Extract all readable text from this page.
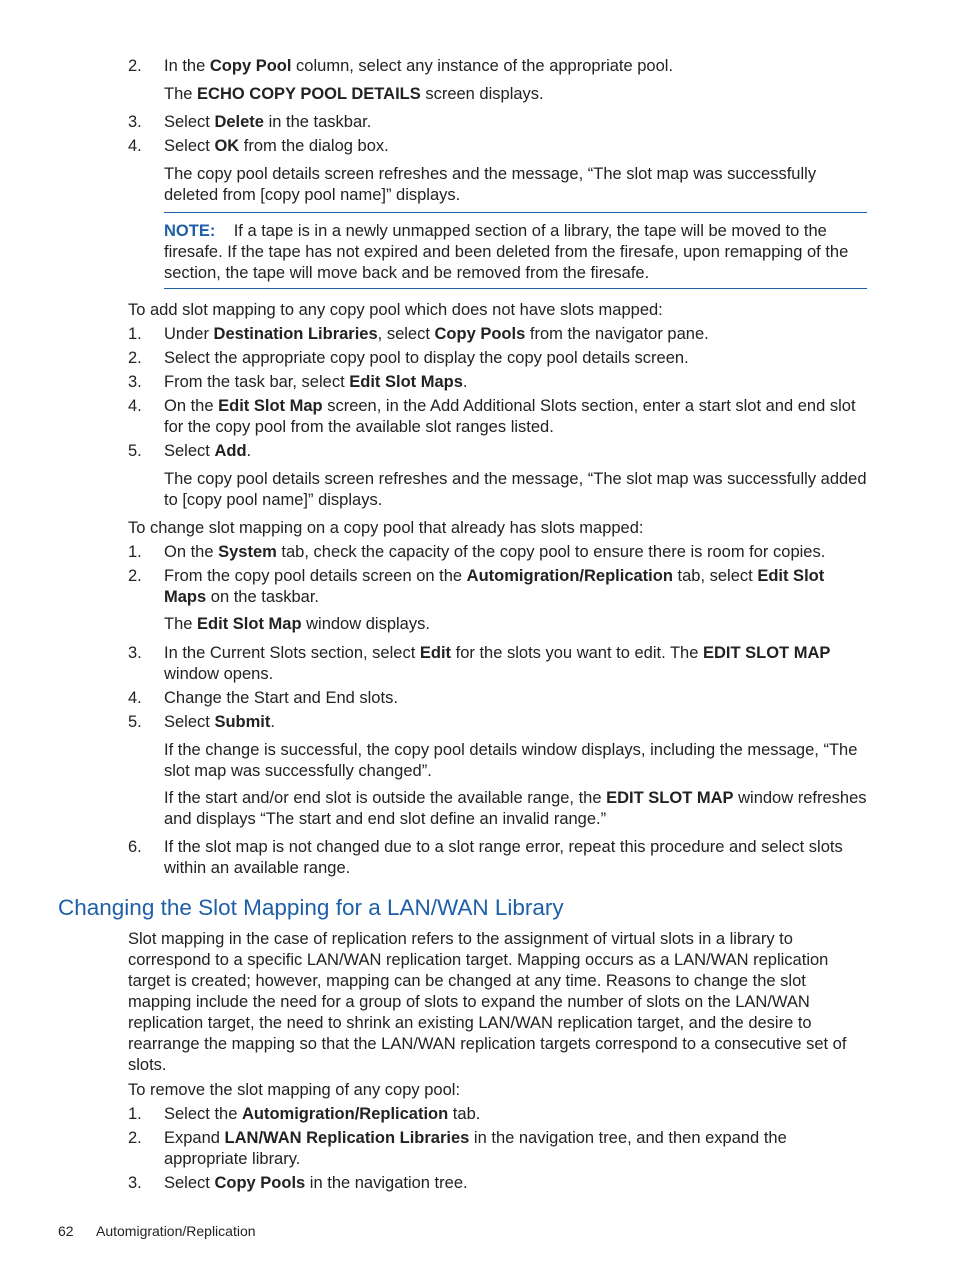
2. In the Copy Pool column, select any instance of the appropriate pool.
The ECHO COPY POOL DETAILS screen displays.
3. Select Delete in the taskbar.
4. Select OK from the dialog box.
The copy pool details screen refreshes and the message, “The slot map was successfully deleted from [copy pool name]” displays.
NOTE: If a tape is in a newly unmapped section of a library, the tape will be moved to the firesafe. If the tape has not expired and been deleted from the firesafe, upon remapping of the section, the tape will move back and be removed from the firesafe.
To add slot mapping to any copy pool which does not have slots mapped:
1. Under Destination Libraries, select Copy Pools from the navigator pane.
2. Select the appropriate copy pool to display the copy pool details screen.
3. From the task bar, select Edit Slot Maps.
4. On the Edit Slot Map screen, in the Add Additional Slots section, enter a start slot and end slot for the copy pool from the available slot ranges listed.
5. Select Add.
The copy pool details screen refreshes and the message, “The slot map was successfully added to [copy pool name]” displays.
To change slot mapping on a copy pool that already has slots mapped:
1. On the System tab, check the capacity of the copy pool to ensure there is room for copies.
2. From the copy pool details screen on the Automigration/Replication tab, select Edit Slot Maps on the taskbar.
The Edit Slot Map window displays.
3. In the Current Slots section, select Edit for the slots you want to edit. The EDIT SLOT MAP window opens.
4. Change the Start and End slots.
5. Select Submit.
If the change is successful, the copy pool details window displays, including the message, “The slot map was successfully changed”.
If the start and/or end slot is outside the available range, the EDIT SLOT MAP window refreshes and displays “The start and end slot define an invalid range.”
6. If the slot map is not changed due to a slot range error, repeat this procedure and select slots within an available range.
Changing the Slot Mapping for a LAN/WAN Library
Slot mapping in the case of replication refers to the assignment of virtual slots in a library to correspond to a specific LAN/WAN replication target. Mapping occurs as a LAN/WAN replication target is created; however, mapping can be changed at any time. Reasons to change the slot mapping include the need for a group of slots to expand the number of slots on the LAN/WAN replication target, the need to shrink an existing LAN/WAN replication target, and the desire to rearrange the mapping so that the LAN/WAN replication targets correspond to a consecutive set of slots.
To remove the slot mapping of any copy pool:
1. Select the Automigration/Replication tab.
2. Expand LAN/WAN Replication Libraries in the navigation tree, and then expand the appropriate library.
3. Select Copy Pools in the navigation tree.
62 Automigration/Replication
